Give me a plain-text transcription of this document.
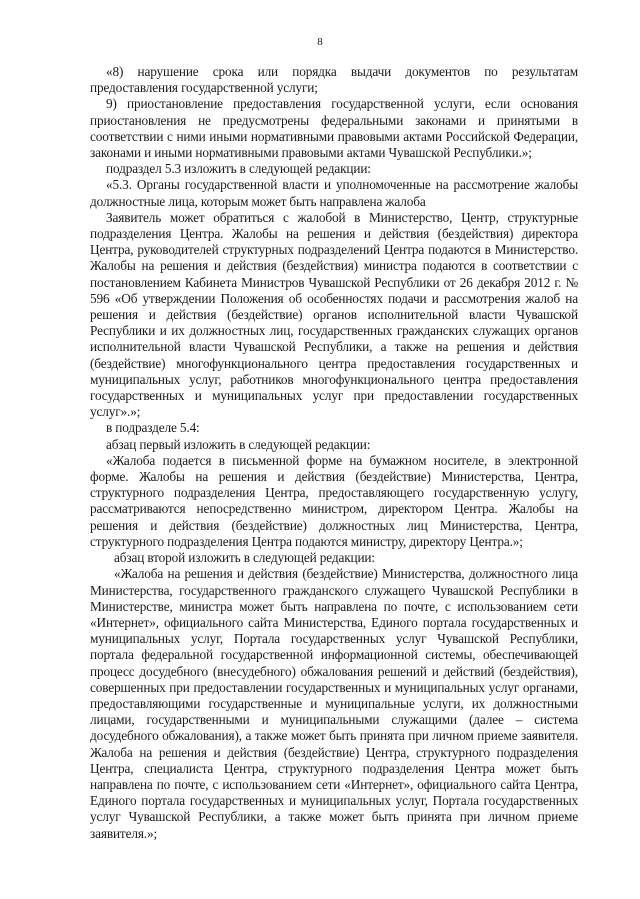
8

«8) нарушение срока или порядка выдачи документов по результатам предоставления государственной услуги;

9) приостановление предоставления государственной услуги, если основания приостановления не предусмотрены федеральными законами и принятыми в соответствии с ними иными нормативными правовыми актами Российской Федерации, законами и иными нормативными правовыми актами Чувашской Республики.»;

подраздел 5.3 изложить в следующей редакции:

«5.3. Органы государственной власти и уполномоченные на рассмотрение жалобы должностные лица, которым может быть направлена жалоба

Заявитель может обратиться с жалобой в Министерство, Центр, структурные подразделения Центра. Жалобы на решения и действия (бездействия) директора Центра, руководителей структурных подразделений Центра подаются в Министерство. Жалобы на решения и действия (бездействия) министра подаются в соответствии с постановлением Кабинета Министров Чувашской Республики от 26 декабря 2012 г. № 596 «Об утверждении Положения об особенностях подачи и рассмотрения жалоб на решения и действия (бездействие) органов исполнительной власти Чувашской Республики и их должностных лиц, государственных гражданских служащих органов исполнительной власти Чувашской Республики, а также на решения и действия (бездействие) многофункционального центра предоставления государственных и муниципальных услуг, работников многофункционального центра предоставления государственных и муниципальных услуг при предоставлении государственных услуг».»;

в подразделе 5.4:

абзац первый изложить в следующей редакции:

«Жалоба подается в письменной форме на бумажном носителе, в электронной форме. Жалобы на решения и действия (бездействие) Министерства, Центра, структурного подразделения Центра, предоставляющего государственную услугу, рассматриваются непосредственно министром, директором Центра. Жалобы на решения и действия (бездействие) должностных лиц Министерства, Центра, структурного подразделения Центра подаются министру, директору Центра.»;

абзац второй изложить в следующей редакции:

«Жалоба на решения и действия (бездействие) Министерства, должностного лица Министерства, государственного гражданского служащего Чувашской Республики в Министерстве, министра может быть направлена по почте, с использованием сети «Интернет», официального сайта Министерства, Единого портала государственных и муниципальных услуг, Портала государственных услуг Чувашской Республики, портала федеральной государственной информационной системы, обеспечивающей процесс досудебного (внесудебного) обжалования решений и действий (бездействия), совершенных при предоставлении государственных и муниципальных услуг органами, предоставляющими государственные и муниципальные услуги, их должностными лицами, государственными и муниципальными служащими (далее – система досудебного обжалования), а также может быть принята при личном приеме заявителя. Жалоба на решения и действия (бездействие) Центра, структурного подразделения Центра, специалиста Центра, структурного подразделения Центра может быть направлена по почте, с использованием сети «Интернет», официального сайта Центра, Единого портала государственных и муниципальных услуг, Портала государственных услуг Чувашской Республики, а также может быть принята при личном приеме заявителя.»;
